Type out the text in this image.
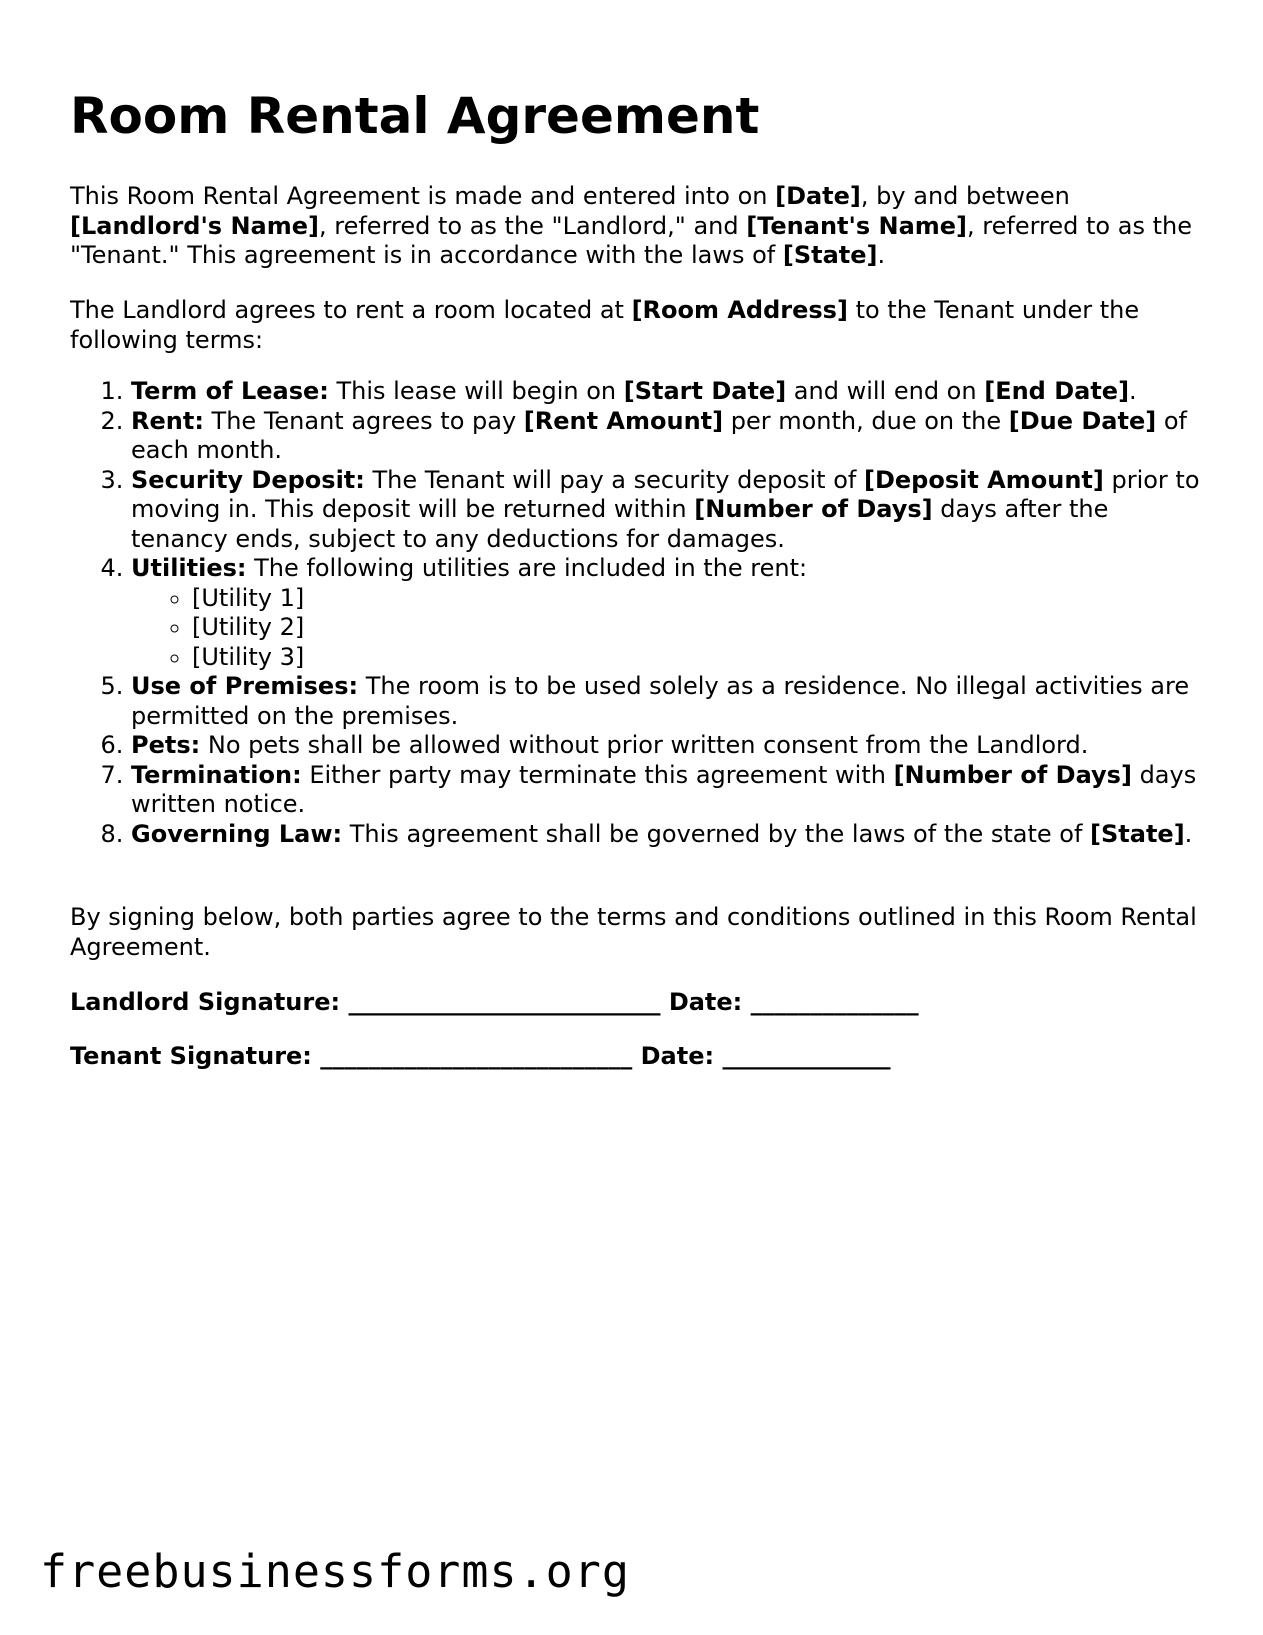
Room Rental Agreement

This Room Rental Agreement is made and entered into on [Date], by and between [Landlord's Name], referred to as the "Landlord," and [Tenant's Name], referred to as the "Tenant." This agreement is in accordance with the laws of [State].

The Landlord agrees to rent a room located at [Room Address] to the Tenant under the following terms:

1. Term of Lease: This lease will begin on [Start Date] and will end on [End Date].
2. Rent: The Tenant agrees to pay [Rent Amount] per month, due on the [Due Date] of each month.
3. Security Deposit: The Tenant will pay a security deposit of [Deposit Amount] prior to moving in. This deposit will be returned within [Number of Days] days after the tenancy ends, subject to any deductions for damages.
4. Utilities: The following utilities are included in the rent:
◦ [Utility 1]
◦ [Utility 2]
◦ [Utility 3]
5. Use of Premises: The room is to be used solely as a residence. No illegal activities are permitted on the premises.
6. Pets: No pets shall be allowed without prior written consent from the Landlord.
7. Termination: Either party may terminate this agreement with [Number of Days] days written notice.
8. Governing Law: This agreement shall be governed by the laws of the state of [State].

By signing below, both parties agree to the terms and conditions outlined in this Room Rental Agreement.

Landlord Signature: __________________________ Date: ______________
Tenant Signature: __________________________ Date: ______________
freebusinessforms.org
